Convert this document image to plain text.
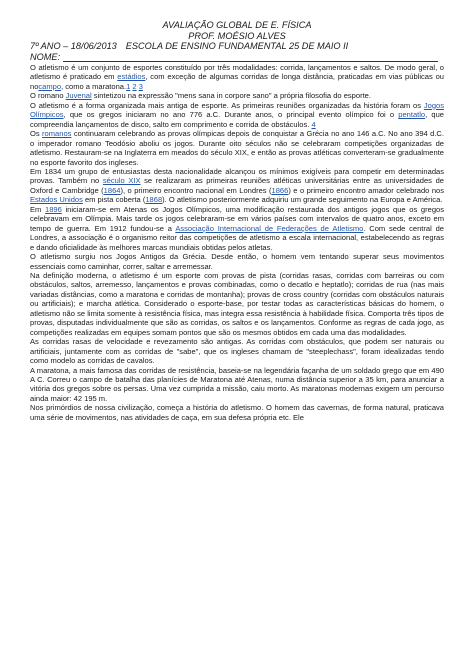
AVALIAÇÃO GLOBAL DE E. FÍSICA
PROF. MOÉSIO ALVES
7º ANO – 18/06/2013 ESCOLA DE ENSINO FUNDAMENTAL 25 DE MAIO II
NOME:

O atletismo é um conjunto de esportes constituído por três modalidades: corrida, lançamentos e saltos. De modo geral, o atletismo é praticado em estádios, com exceção de algumas corridas de longa distância, praticadas em vias públicas ou nocampo, como a maratona.1 2 3

O romano Juvenal sintetizou na expressão "mens sana in corpore sano" a própria filosofia do esporte.

O atletismo é a forma organizada mais antiga de esporte. As primeiras reuniões organizadas da história foram os Jogos Olímpicos, que os gregos iniciaram no ano 776 a.C. Durante anos, o principal evento olímpico foi o pentatlo, que compreendia lançamentos de disco, salto em comprimento e corrida de obstáculos. 4

Os romanos continuaram celebrando as provas olímpicas depois de conquistar a Grécia no ano 146 a.C. No ano 394 d.C. o imperador romano Teodósio aboliu os jogos. Durante oito séculos não se celebraram competições organizadas de atletismo. Restauram-se na Inglaterra em meados do século XIX, e então as provas atléticas converteram-se gradualmente no esporte favorito dos ingleses.

Em 1834 um grupo de entusiastas desta nacionalidade alcançou os mínimos exigíveis para competir em determinadas provas. Também no século XIX se realizaram as primeiras reuniões atléticas universitárias entre as universidades de Oxford e Cambridge (1864), o primeiro encontro nacional em Londres (1866) e o primeiro encontro amador celebrado nos Estados Unidos em pista coberta (1868). O atletismo posteriormente adquiriu um grande seguimento na Europa e América.

Em 1896 iniciaram-se em Atenas os Jogos Olímpicos, uma modificação restaurada dos antigos jogos que os gregos celebravam em Olímpia. Mais tarde os jogos celebraram-se em vários países com intervalos de quatro anos, exceto em tempo de guerra. Em 1912 fundou-se a Associação Internacional de Federações de Atletismo. Com sede central de Londres, a associação é o organismo reitor das competições de atletismo a escala internacional, estabelecendo as regras e dando oficialidade às melhores marcas mundiais obtidas pelos atletas.

O atletismo surgiu nos Jogos Antigos da Grécia. Desde então, o homem vem tentando superar seus movimentos essenciais como caminhar, correr, saltar e arremessar.

Na definição moderna, o atletismo é um esporte com provas de pista (corridas rasas, corridas com barreiras ou com obstáculos, saltos, arremesso, lançamentos e provas combinadas, como o decatlo e heptatlo); corridas de rua (nas mais variadas distâncias, como a maratona e corridas de montanha); provas de cross country (corridas com obstáculos naturais ou artificiais); e marcha atlética. Considerado o esporte-base, por testar todas as características básicas do homem, o atletismo não se limita somente à resistência física, mas integra essa resistência à habilidade física. Comporta três tipos de provas, disputadas individualmente que são as corridas, os saltos e os lançamentos. Conforme as regras de cada jogo, as competições realizadas em equipes somam pontos que são os mesmos obtidos em cada uma das modalidades.

As corridas rasas de velocidade e revezamento são antigas. As corridas com obstáculos, que podem ser naturais ou artificiais, juntamente com as corridas de "sabe", que os ingleses chamam de "steeplechass", foram idealizadas tendo como modelo as corridas de cavalos.

A maratona, a mais famosa das corridas de resistência, baseia-se na legendária façanha de um soldado grego que em 490 A C. Correu o campo de batalha das planícies de Maratona até Atenas, numa distância superior a 35 km, para anunciar a vitória dos gregos sobre os persas. Uma vez cumprida a missão, caiu morto. As maratonas modernas exigem um percurso ainda maior: 42 195 m.

Nos primórdios de nossa civilização, começa a história do atletismo. O homem das cavernas, de forma natural, praticava uma série de movimentos, nas atividades de caça, em sua defesa própria etc. Ele
